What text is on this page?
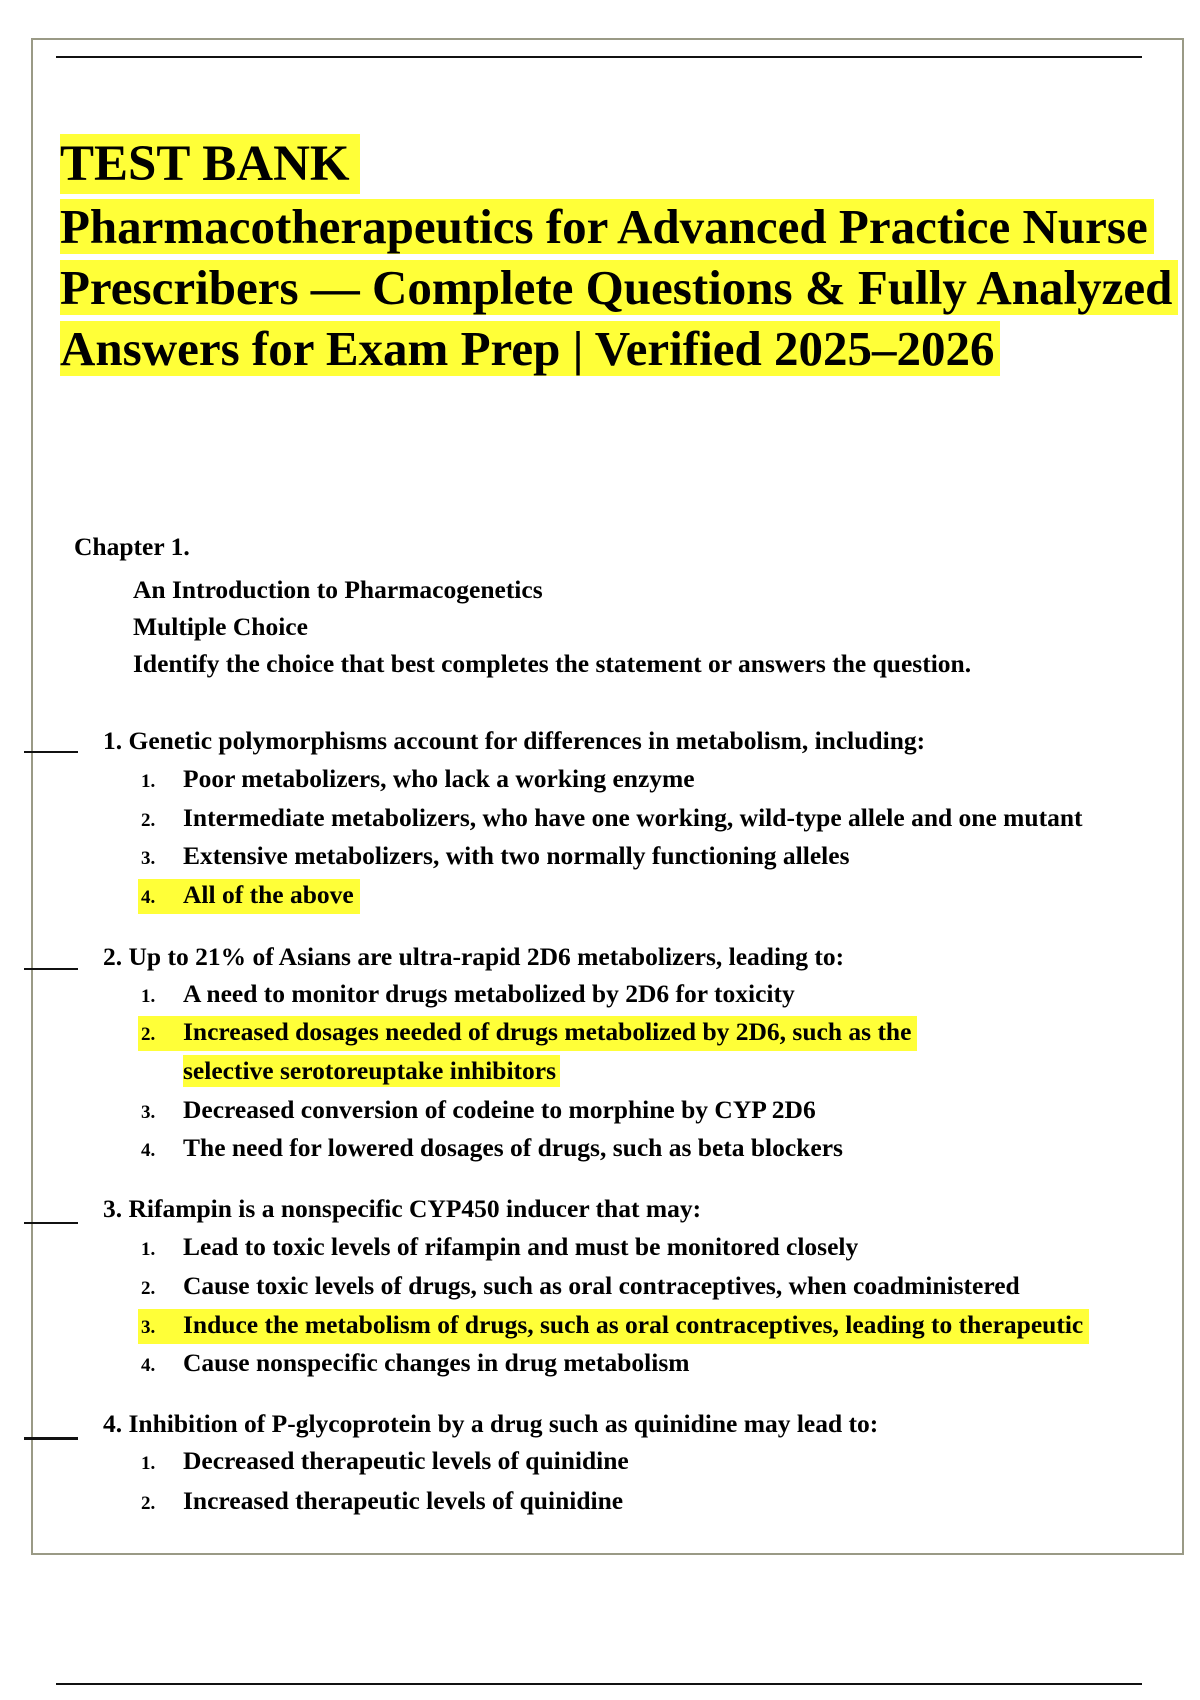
TEST BANK
Pharmacotherapeutics for Advanced Practice Nurse Prescribers — Complete Questions & Fully Analyzed Answers for Exam Prep | Verified 2025–2026
Chapter 1.
An Introduction to Pharmacogenetics
Multiple Choice
Identify the choice that best completes the statement or answers the question.
1. Genetic polymorphisms account for differences in metabolism, including:
1. Poor metabolizers, who lack a working enzyme
2. Intermediate metabolizers, who have one working, wild-type allele and one mutant
3. Extensive metabolizers, with two normally functioning alleles
4. All of the above
2. Up to 21% of Asians are ultra-rapid 2D6 metabolizers, leading to:
1. A need to monitor drugs metabolized by 2D6 for toxicity
2. Increased dosages needed of drugs metabolized by 2D6, such as the
selective serotoreuptake inhibitors
3. Decreased conversion of codeine to morphine by CYP 2D6
4. The need for lowered dosages of drugs, such as beta blockers
3. Rifampin is a nonspecific CYP450 inducer that may:
1. Lead to toxic levels of rifampin and must be monitored closely
2. Cause toxic levels of drugs, such as oral contraceptives, when coadministered
3. Induce the metabolism of drugs, such as oral contraceptives, leading to therapeutic
4. Cause nonspecific changes in drug metabolism
4. Inhibition of P-glycoprotein by a drug such as quinidine may lead to:
1. Decreased therapeutic levels of quinidine
2. Increased therapeutic levels of quinidine
